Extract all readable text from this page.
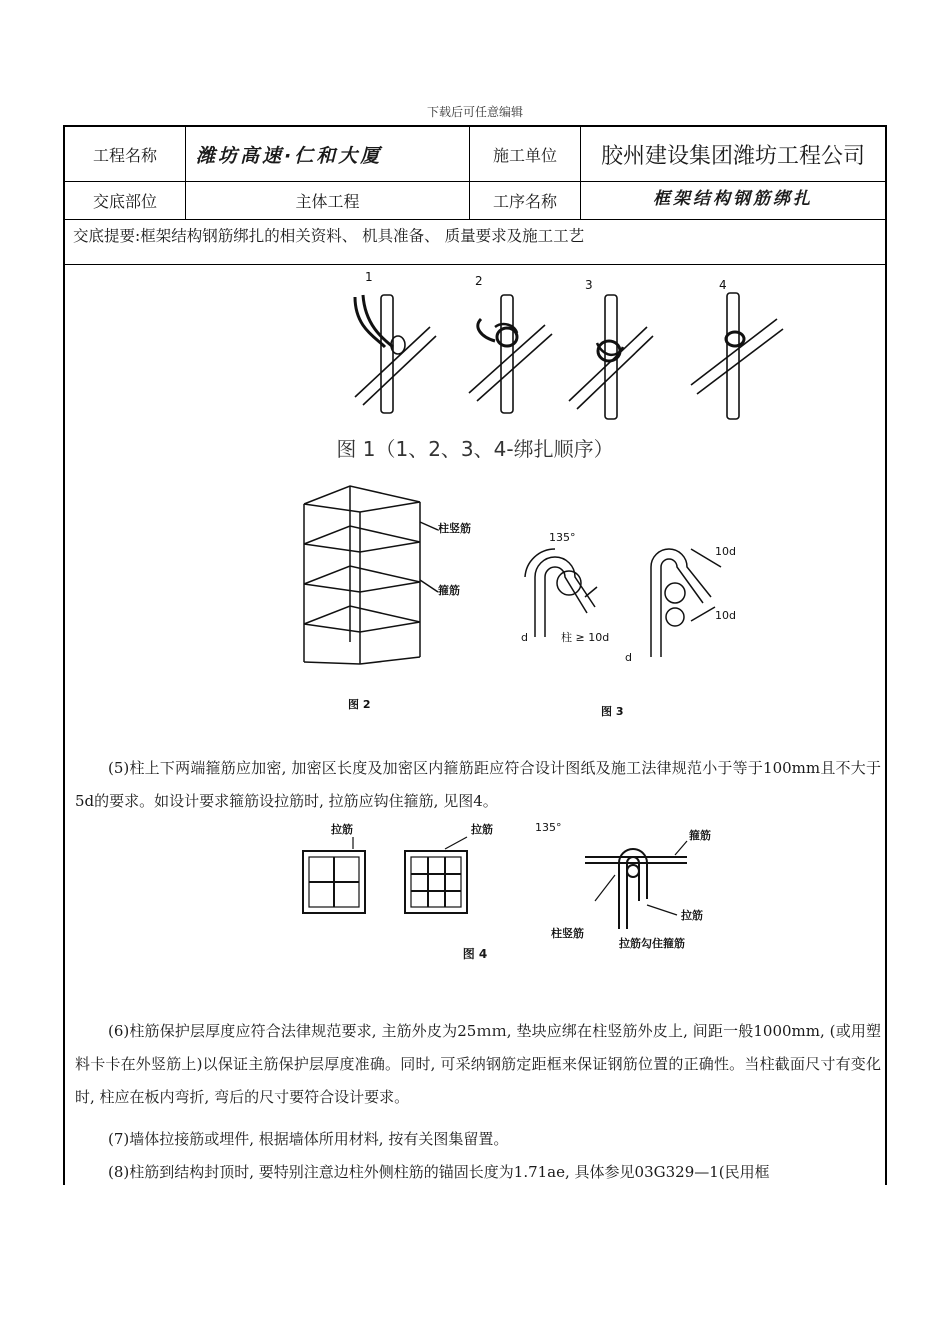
下载后可任意编辑
工程名称	潍坊高速·仁和大厦	施工单位	胶州建设集团潍坊工程公司
交底部位	主体工程	工序名称	框架结构钢筋绑扎
交底提要:框架结构钢筋绑扎的相关资料、 机具准备、 质量要求及施工工艺
1	2	3	4
图 1（1、2、3、4-绑扎顺序）
柱竖筋
箍筋
图 2
135°
d	柱 ≥ 10d
10d
10d
d
图 3
(5)柱上下两端箍筋应加密, 加密区长度及加密区内箍筋距应符合设计图纸及施工法律规范小于等于100mm且不大于5d的要求。如设计要求箍筋设拉筋时, 拉筋应钩住箍筋, 见图4。
拉筋	拉筋	135°
箍筋
拉筋
柱竖筋
拉筋勾住箍筋
图 4
(6)柱筋保护层厚度应符合法律规范要求, 主筋外皮为25ｍｍ, 垫块应绑在柱竖筋外皮上, 间距一般1000mm, (或用塑料卡卡在外竖筋上)以保证主筋保护层厚度准确。同时, 可采纳钢筋定距框来保证钢筋位置的正确性。当柱截面尺寸有变化时, 柱应在板内弯折, 弯后的尺寸要符合设计要求。
(7)墙体拉接筋或埋件, 根据墙体所用材料, 按有关图集留置。
(8)柱筋到结构封顶时, 要特别注意边柱外侧柱筋的锚固长度为1.71ae, 具体参见03G329—1(民用框
